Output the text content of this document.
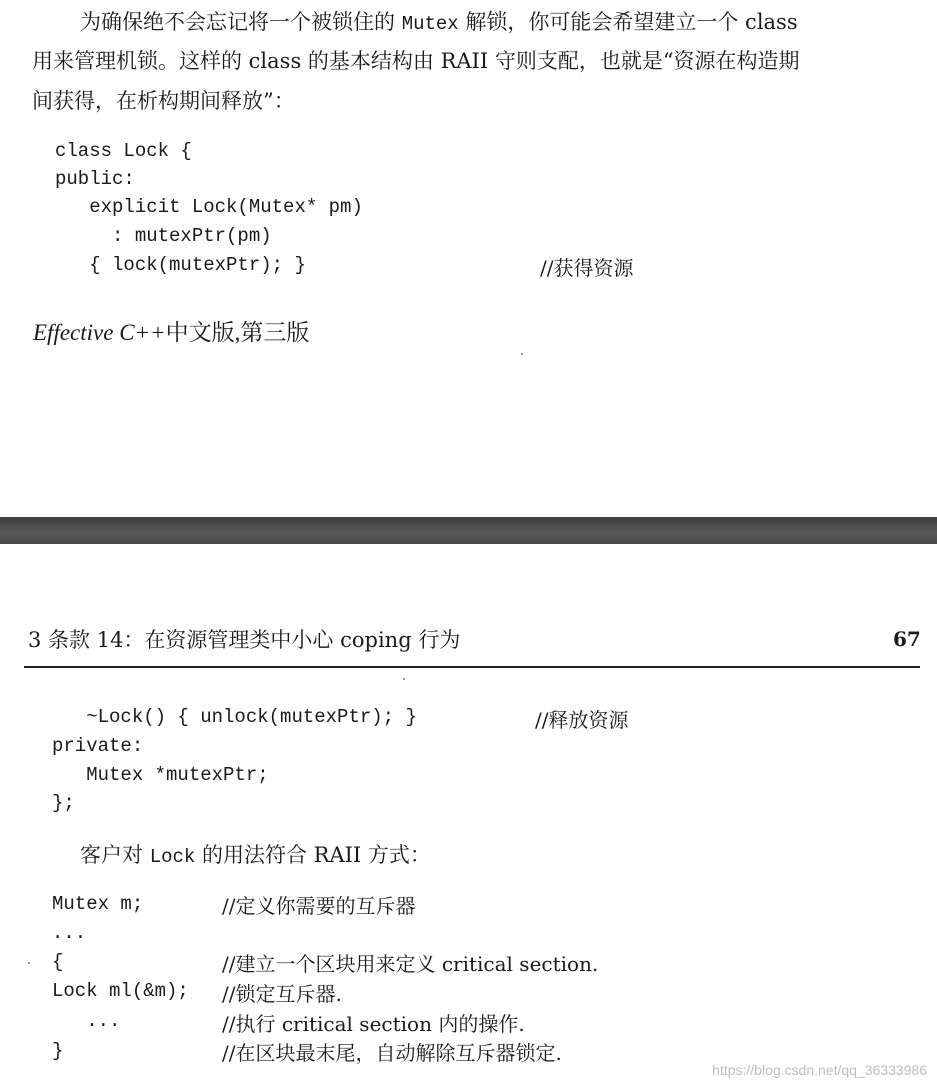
为确保绝不会忘记将一个被锁住的 Mutex 解锁，你可能会希望建立一个 class
用来管理机锁。这样的 class 的基本结构由 RAII 守则支配，也就是“资源在构造期
间获得，在析构期间释放”：
class Lock {
public:
explicit Lock(Mutex* pm)
: mutexPtr(pm)
{ lock(mutexPtr); }	//获得资源
Effective C++中文版,第三版
3 条款 14：在资源管理类中小心 coping 行为	67
~Lock() { unlock(mutexPtr); }	//释放资源
private:
Mutex *mutexPtr;
};
客户对 Lock 的用法符合 RAII 方式：
Mutex m;	//定义你需要的互斥器
...
{	//建立一个区块用来定义 critical section.
Lock ml(&m); //锁定互斥器.
...	//执行 critical section 内的操作.
}	//在区块最末尾，自动解除互斥器锁定.
https://blog.csdn.net/qq_36333986
